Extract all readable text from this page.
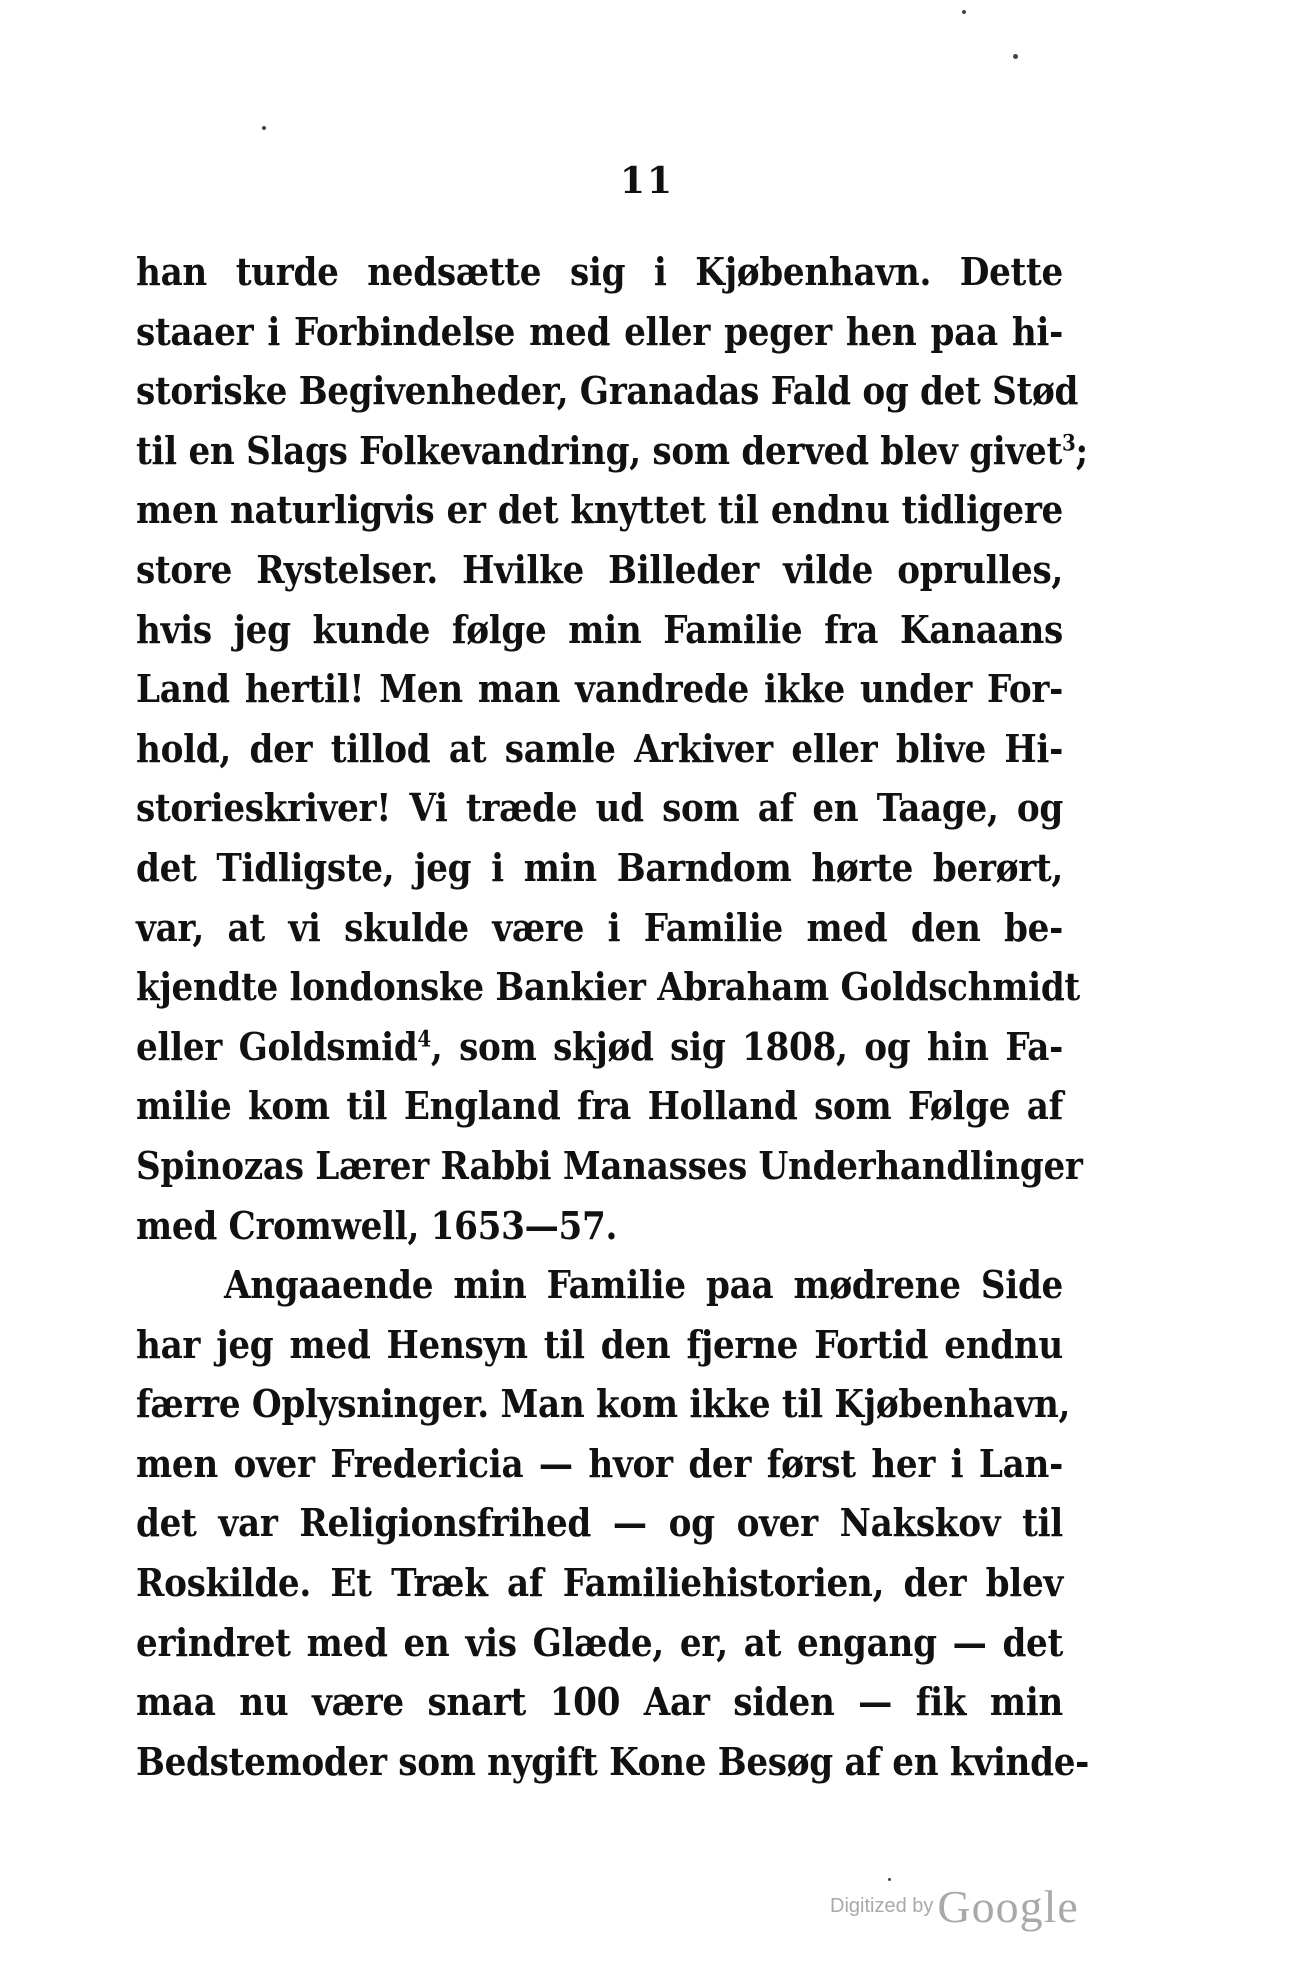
11
han turde nedsætte sig i Kjøbenhavn. Dette
staaer i Forbindelse med eller peger hen paa hi-
storiske Begivenheder, Granadas Fald og det Stød
til en Slags Folkevandring, som derved blev givet$^3$;
men naturligvis er det knyttet til endnu tidligere
store Rystelser. Hvilke Billeder vilde oprulles,
hvis jeg kunde følge min Familie fra Kanaans
Land hertil! Men man vandrede ikke under For-
hold, der tillod at samle Arkiver eller blive Hi-
storieskriver! Vi træde ud som af en Taage, og
det Tidligste, jeg i min Barndom hørte berørt,
var, at vi skulde være i Familie med den be-
kjendte londonske Bankier Abraham Goldschmidt
eller Goldsmid$^4$, som skjød sig 1808, og hin Fa-
milie kom til England fra Holland som Følge af
Spinozas Lærer Rabbi Manasses Underhandlinger
med Cromwell, 1653—57.
Angaaende min Familie paa mødrene Side
har jeg med Hensyn til den fjerne Fortid endnu
færre Oplysninger. Man kom ikke til Kjøbenhavn,
men over Fredericia — hvor der først her i Lan-
det var Religionsfrihed — og over Nakskov til
Roskilde. Et Træk af Familiehistorien, der blev
erindret med en vis Glæde, er, at engang — det
maa nu være snart 100 Aar siden — fik min
Bedstemoder som nygift Kone Besøg af en kvinde-
Digitized by Google
